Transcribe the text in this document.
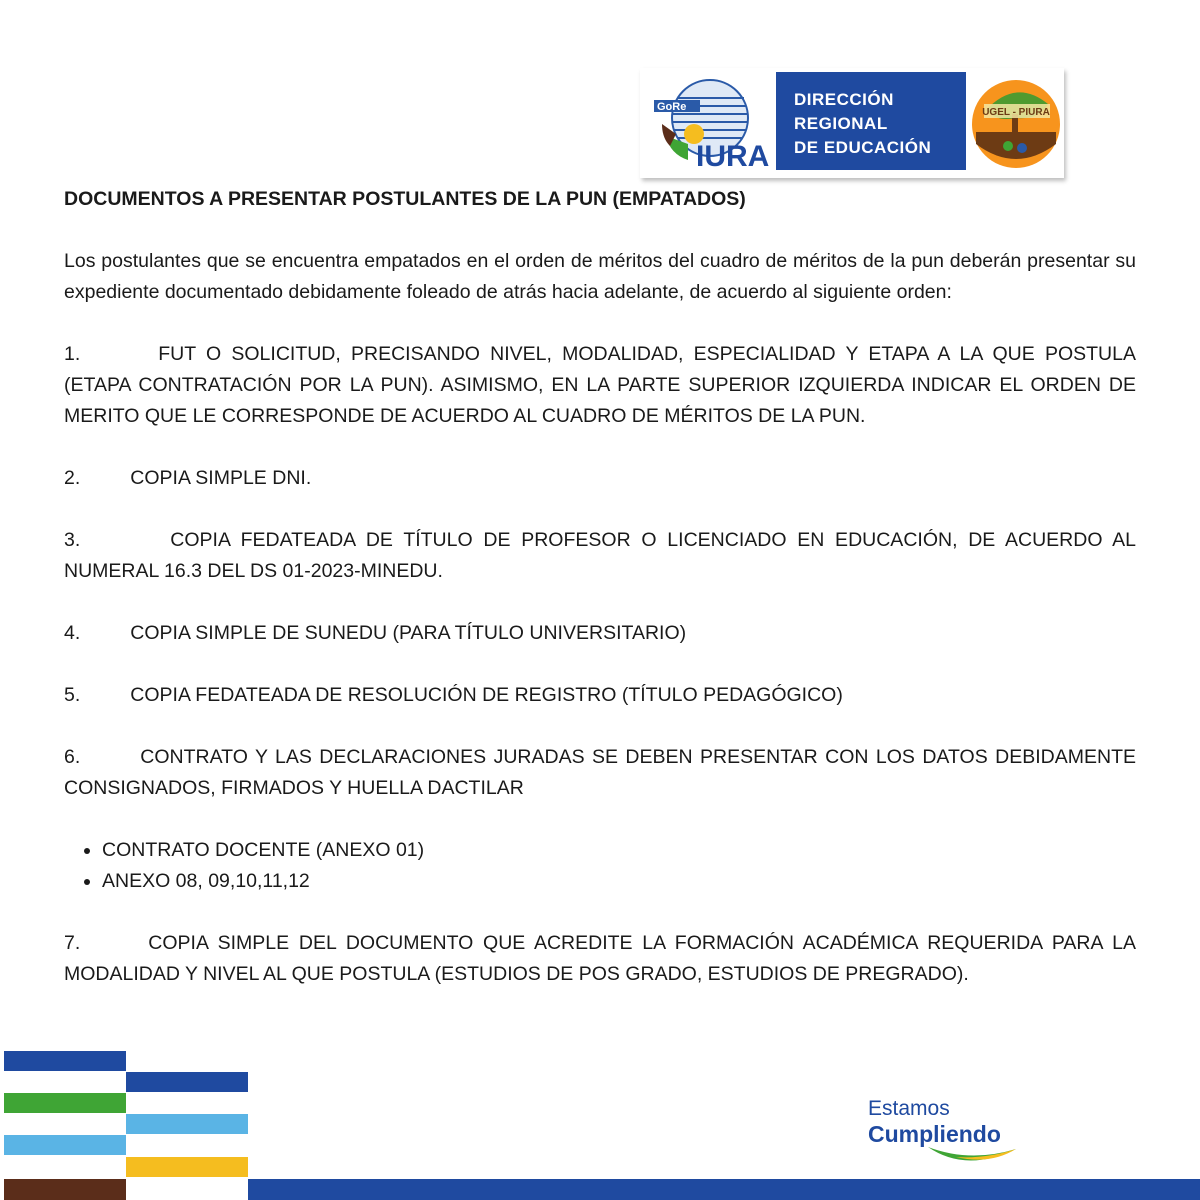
GoRe
IURA
DIRECCIÓN
REGIONAL
DE EDUCACIÓN
UGEL - PIURA

DOCUMENTOS A PRESENTAR POSTULANTES DE LA PUN (EMPATADOS)

Los postulantes que se encuentra empatados en el orden de méritos del cuadro de méritos de la pun deberán presentar su expediente documentado debidamente foleado de atrás hacia adelante, de acuerdo al siguiente orden:

1.	FUT O SOLICITUD, PRECISANDO NIVEL, MODALIDAD, ESPECIALIDAD Y ETAPA A LA QUE POSTULA (ETAPA CONTRATACIÓN POR LA PUN). ASIMISMO, EN LA PARTE SUPERIOR IZQUIERDA INDICAR EL ORDEN DE MERITO QUE LE CORRESPONDE DE ACUERDO AL CUADRO DE MÉRITOS DE LA PUN.

2.	COPIA SIMPLE DNI.

3.	COPIA FEDATEADA DE TÍTULO DE PROFESOR O LICENCIADO EN EDUCACIÓN, DE ACUERDO AL NUMERAL 16.3 DEL DS 01-2023-MINEDU.

4.	COPIA SIMPLE DE SUNEDU (PARA TÍTULO UNIVERSITARIO)

5.	COPIA FEDATEADA DE RESOLUCIÓN DE REGISTRO (TÍTULO PEDAGÓGICO)

6.	CONTRATO Y LAS DECLARACIONES JURADAS SE DEBEN PRESENTAR CON LOS DATOS DEBIDAMENTE CONSIGNADOS, FIRMADOS Y HUELLA DACTILAR

• CONTRATO DOCENTE (ANEXO 01)
• ANEXO 08, 09,10,11,12

7.	COPIA SIMPLE DEL DOCUMENTO QUE ACREDITE LA FORMACIÓN ACADÉMICA REQUERIDA PARA LA MODALIDAD Y NIVEL AL QUE POSTULA (ESTUDIOS DE POS GRADO, ESTUDIOS DE PREGRADO).

Estamos
Cumpliendo
